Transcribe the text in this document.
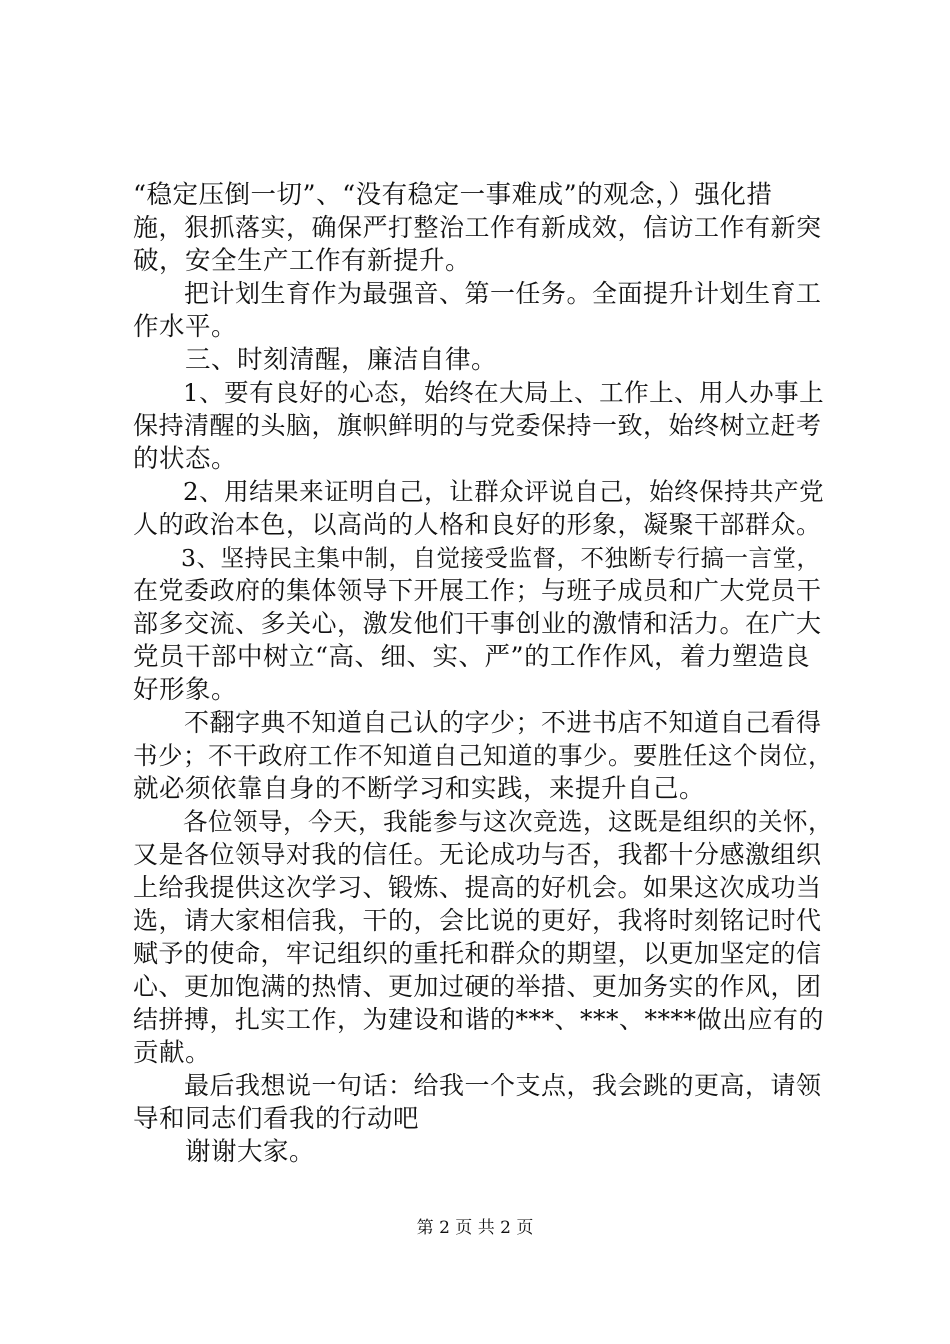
“稳定压倒一切”、“没有稳定一事难成”的观念，）强化措
施，狠抓落实，确保严打整治工作有新成效，信访工作有新突
破，安全生产工作有新提升。
　　把计划生育作为最强音、第一任务。全面提升计划生育工
作水平。
　　三、时刻清醒，廉洁自律。
　　1、要有良好的心态，始终在大局上、工作上、用人办事上
保持清醒的头脑，旗帜鲜明的与党委保持一致，始终树立赶考
的状态。
　　2、用结果来证明自己，让群众评说自己，始终保持共产党
人的政治本色，以高尚的人格和良好的形象，凝聚干部群众。
　　3、坚持民主集中制，自觉接受监督，不独断专行搞一言堂，
在党委政府的集体领导下开展工作；与班子成员和广大党员干
部多交流、多关心，激发他们干事创业的激情和活力。在广大
党员干部中树立“高、细、实、严”的工作作风，着力塑造良
好形象。
　　不翻字典不知道自己认的字少；不进书店不知道自己看得
书少；不干政府工作不知道自己知道的事少。要胜任这个岗位，
就必须依靠自身的不断学习和实践，来提升自己。
　　各位领导，今天，我能参与这次竞选，这既是组织的关怀，
又是各位领导对我的信任。无论成功与否，我都十分感激组织
上给我提供这次学习、锻炼、提高的好机会。如果这次成功当
选，请大家相信我，干的，会比说的更好，我将时刻铭记时代
赋予的使命，牢记组织的重托和群众的期望，以更加坚定的信
心、更加饱满的热情、更加过硬的举措、更加务实的作风，团
结拼搏，扎实工作，为建设和谐的***、***、****做出应有的
贡献。
　　最后我想说一句话：给我一个支点，我会跳的更高，请领
导和同志们看我的行动吧
　　谢谢大家。
第 2 页 共 2 页
